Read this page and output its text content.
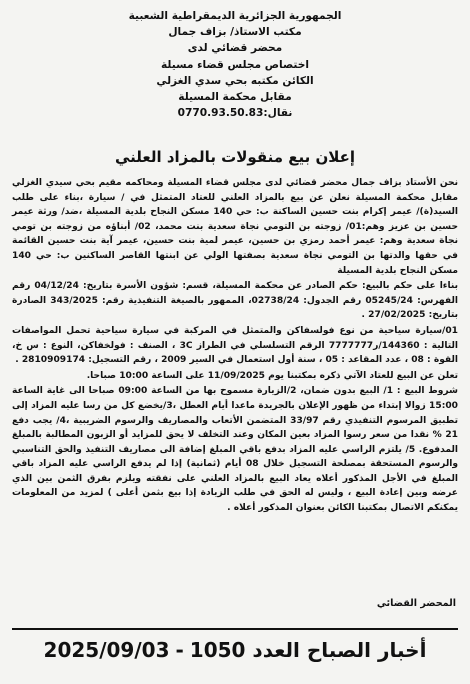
الجمهورية الجزائرية الديمقراطية الشعبية
مكتب الاستاذ/ بزاف جمال
محضر قضائي لدى
اختصاص مجلس قضاء مسيلة
الكائن مكتبه بحي سدي الغزلي
مقابل محكمة المسيلة
نقال:0770.93.50.83
إعلان بيع منقولات بالمزاد العلني

نحن الأستاذ بزاف جمال محضر قضائي لدى مجلس قضاء المسيلة ومحاكمه مقيم بحي سيدي الغزلي مقابل محكمة المسيلة نعلن عن بيع بالمزاد العلني للعتاد المتمثل في / سيارة ،بناء على طلب السيد(ة)/ عيمر إكرام بنت حسين الساكنة ب: حي 140 مسكن النجاح بلدية المسيلة ،ضد/ ورثة عيمر حسين بن عزيز وهم:01/ زوجته بن التومي نجاة سعدية بنت محمد، 02/ أبناؤه من زوجته بن تومي نجاة سعدية وهم: عيمر أحمد رمزي بن حسين، عيمر لمية بنت حسين، عيمر آية بنت حسين القائمة في حقها والدتها بن التومي نجاة سعدية بصفتها الولي عن ابنتها القاصر الساكنين ب: حي 140 مسكن النجاح بلدية المسيلة

بناءا على حكم بالبيع: حكم الصادر عن محكمة المسيلة، قسم: شؤون الأسرة بتاريخ: 04/12/24 رقم الفهرس: 05245/24 رقم الجدول: 02738/24، الممهور بالصيغة التنفيذية رقم: 343/2025 الصادرة بتاريخ: 27/02/2025 .

01/سيارة سياحية من نوع فولسفاكن والمتمثل في المركبة في سيارة سياحية تحمل المواصفات التالية : 144360/ر7777777 الرقم التسلسلي في الطراز 3C ، الصنف : فولخفاكن، النوع : س خ، القوة : 08 ، عدد المقاعد : 05 ، سنة أول استعمال في السير 2009 ، رقم التسجيل: 2810909174 .

تعلن عن البيع للعتاد الآتي ذكره بمكتبنا يوم 11/09/2025 على الساعة 10:00 صباحا.

شروط البيع : 1/ البيع بدون ضمان، 2/الزيارة مسموح بها من الساعة 09:00 صباحا الى غاية الساعة 15:00 زوالا إبتداء من ظهور الإعلان بالجريدة ماعدا أيام العطل ،3/يخضع كل من رسا عليه المزاد إلى تطبيق المرسوم التنفيذي رقم 33/97 المتضمن الأتعاب والمصاريف والرسوم الضريبية ،4/ يجب دفع 21 % نقدا من سعر رسوا المزاد بعين المكان وعند التخلف لا يحق للمزايد أو الزبون المطالبة بالمبلغ المدفوع. 5/ يلتزم الراسي عليه المزاد بدفع باقي المبلغ إضافة الى مصاريف التنفيذ والحق التناسبي والرسوم المستحقة بمصلحة التسجيل خلال 08 أيام (ثمانية) إذا لم يدفع الراسي عليه المزاد باقي المبلغ في الأجل المذكور أعلاه يعاد البيع بالمزاد العلني على نفقته ويلزم بفرق الثمن بين الذي عرضه وبين إعادة البيع ، وليس له الحق في طلب الزيادة إذا بيع بثمن أعلى ) لمزيد من المعلومات يمكنكم الاتصال بمكتبنا الكائن بعنوان المذكور أعلاه .

المحضر القضائي
أخبار الصباح العدد 1050
-
2025/09/03
